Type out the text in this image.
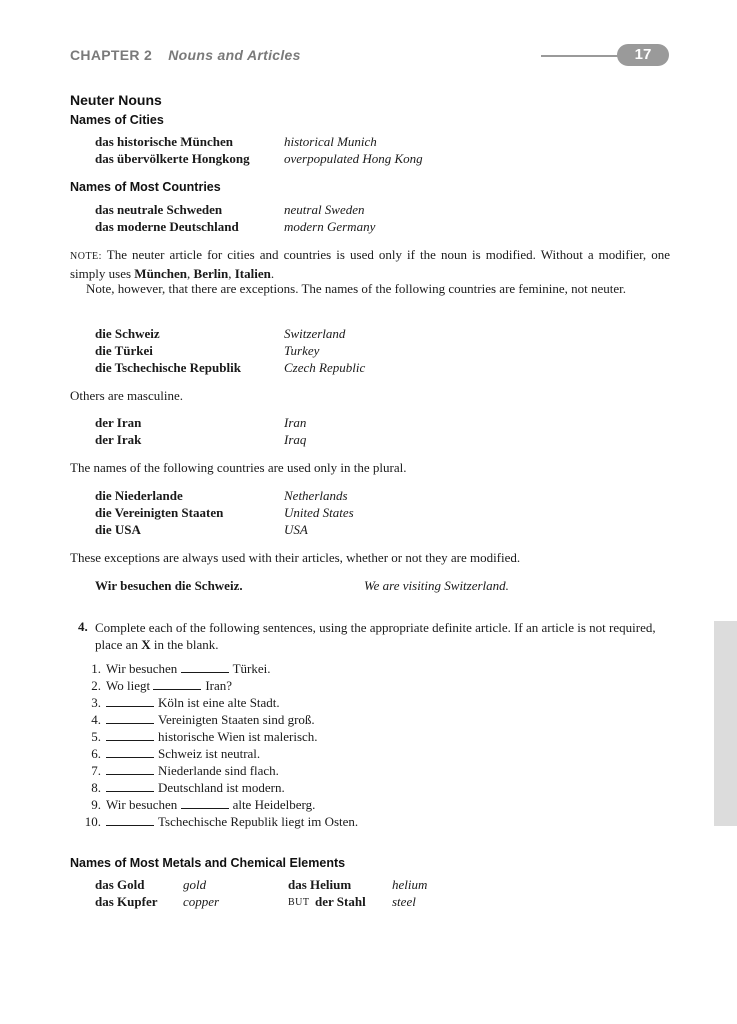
CHAPTER 2 Nouns and Articles	17
Neuter Nouns
Names of Cities
das historische München	historical Munich
das übervölkerte Hongkong	overpopulated Hong Kong
Names of Most Countries
das neutrale Schweden	neutral Sweden
das moderne Deutschland	modern Germany
NOTE: The neuter article for cities and countries is used only if the noun is modified. Without a modifier, one simply uses München, Berlin, Italien.
Note, however, that there are exceptions. The names of the following countries are feminine, not neuter.
die Schweiz	Switzerland
die Türkei	Turkey
die Tschechische Republik	Czech Republic
Others are masculine.
der Iran	Iran
der Irak	Iraq
The names of the following countries are used only in the plural.
die Niederlande	Netherlands
die Vereinigten Staaten	United States
die USA	USA
These exceptions are always used with their articles, whether or not they are modified.
Wir besuchen die Schweiz.	We are visiting Switzerland.
4. Complete each of the following sentences, using the appropriate definite article. If an article is not required, place an X in the blank.
1. Wir besuchen	Türkei.
2. Wo liegt	Iran?
3.	Köln ist eine alte Stadt.
4.	Vereinigten Staaten sind groß.
5.	historische Wien ist malerisch.
6.	Schweiz ist neutral.
7.	Niederlande sind flach.
8.	Deutschland ist modern.
9. Wir besuchen	alte Heidelberg.
10.	Tschechische Republik liegt im Osten.
Names of Most Metals and Chemical Elements
das Gold	gold	das Helium	helium
das Kupfer copper	BUT der Stahl steel
